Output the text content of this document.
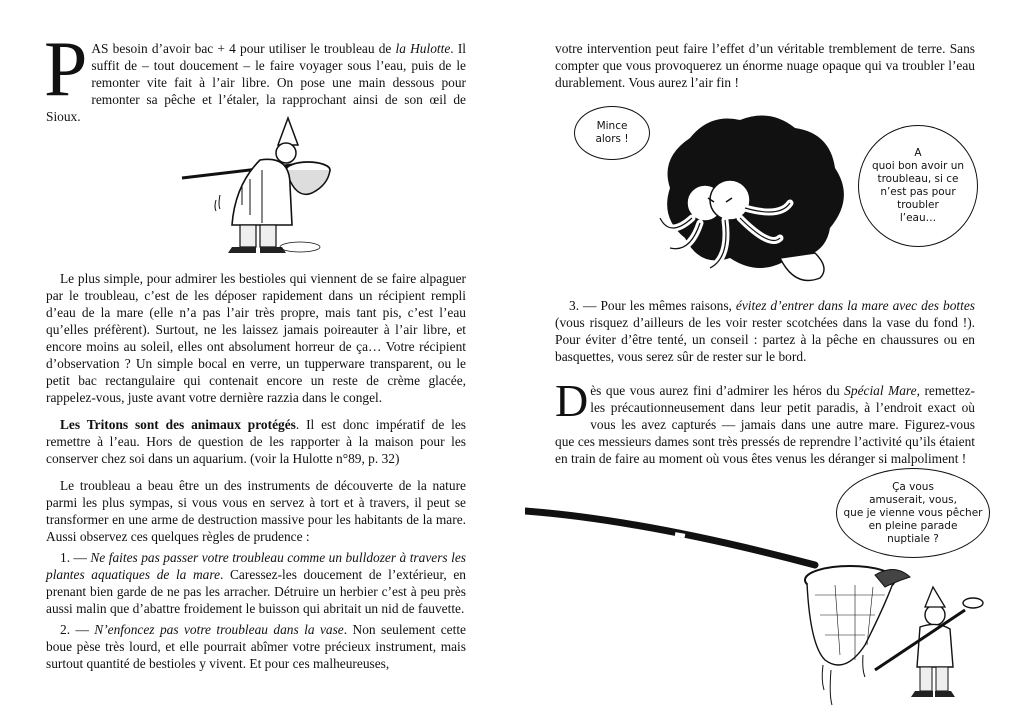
PAS besoin d’avoir bac + 4 pour utiliser le troubleau de la Hulotte. Il suffit de – tout doucement – le faire voyager sous l’eau, puis de le remonter vite fait à l’air libre. On pose une main dessous pour remonter sa pêche et l’étaler, la rapprochant ainsi de son œil de Sioux.

Le plus simple, pour admirer les bestioles qui viennent de se faire alpaguer par le troubleau, c’est de les déposer rapidement dans un récipient rempli d’eau de la mare (elle n’a pas l’air très propre, mais tant pis, c’est l’eau qu’elles préfèrent). Surtout, ne les laissez jamais poireauter à l’air libre, et encore moins au soleil, elles ont absolument horreur de ça… Votre récipient d’observation ? Un simple bocal en verre, un tupperware transparent, ou le petit bac rectangulaire qui contenait encore un reste de crème glacée, rappelez-vous, juste avant votre dernière razzia dans le congel.

Les Tritons sont des animaux protégés. Il est donc impératif de les remettre à l’eau. Hors de question de les rapporter à la maison pour les conserver chez soi dans un aquarium. (voir la Hulotte n°89, p. 32)

Le troubleau a beau être un des instruments de découverte de la nature parmi les plus sympas, si vous vous en servez à tort et à travers, il peut se transformer en une arme de destruction massive pour les habitants de la mare. Aussi observez ces quelques règles de prudence :

1. — Ne faites pas passer votre troubleau comme un bulldozer à travers les plantes aquatiques de la mare. Caressez-les doucement de l’extérieur, en prenant bien garde de ne pas les arracher. Détruire un herbier c’est à peu près aussi malin que d’abattre froidement le buisson qui abritait un nid de fauvette.

2. — N’enfoncez pas votre troubleau dans la vase. Non seulement cette boue pèse très lourd, et elle pourrait abîmer votre précieux instrument, mais surtout quantité de bestioles y vivent. Et pour ces malheureuses,

votre intervention peut faire l’effet d’un véritable tremblement de terre. Sans compter que vous provoquerez un énorme nuage opaque qui va troubler l’eau durablement. Vous aurez l’air fin !

Mince
alors !
A
quoi bon avoir un
troubleau, si ce
n’est pas pour
troubler
l’eau…

3. — Pour les mêmes raisons, évitez d’entrer dans la mare avec des bottes (vous risquez d’ailleurs de les voir rester scotchées dans la vase du fond !). Pour éviter d’être tenté, un conseil : partez à la pêche en chaussures ou en basquettes, vous serez sûr de rester sur le bord.

Dès que vous aurez fini d’admirer les héros du Spécial Mare, remettez-les précautionneusement dans leur petit paradis, à l’endroit exact où vous les avez capturés — jamais dans une autre mare. Figurez-vous que ces messieurs dames sont très pressés de reprendre l’activité qu’ils étaient en train de faire au moment où vous êtes venus les déranger si malpoliment !

Ça vous
amuserait, vous,
que je vienne vous pêcher
en pleine parade
nuptiale ?
